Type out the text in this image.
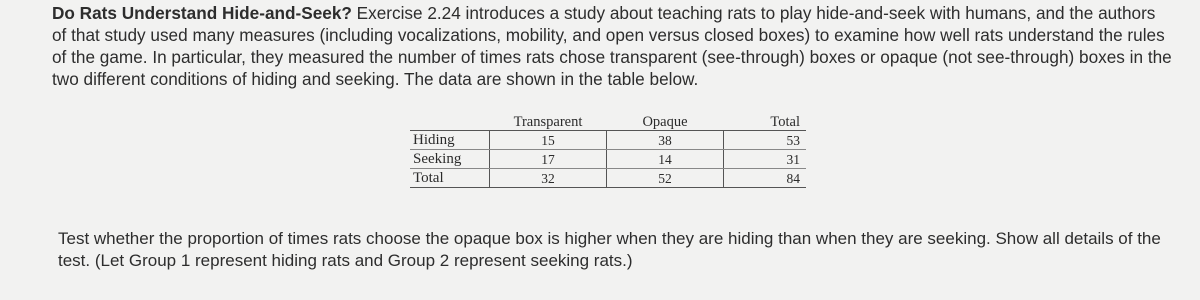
Do Rats Understand Hide-and-Seek? Exercise 2.24 introduces a study about teaching rats to play hide-and-seek with humans, and the authors of that study used many measures (including vocalizations, mobility, and open versus closed boxes) to examine how well rats understand the rules of the game. In particular, they measured the number of times rats chose transparent (see-through) boxes or opaque (not see-through) boxes in the two different conditions of hiding and seeking. The data are shown in the table below.
	Transparent	Opaque	Total
Hiding	15	38	53
Seeking	17	14	31
Total	32	52	84
Test whether the proportion of times rats choose the opaque box is higher when they are hiding than when they are seeking. Show all details of the test. (Let Group 1 represent hiding rats and Group 2 represent seeking rats.)
